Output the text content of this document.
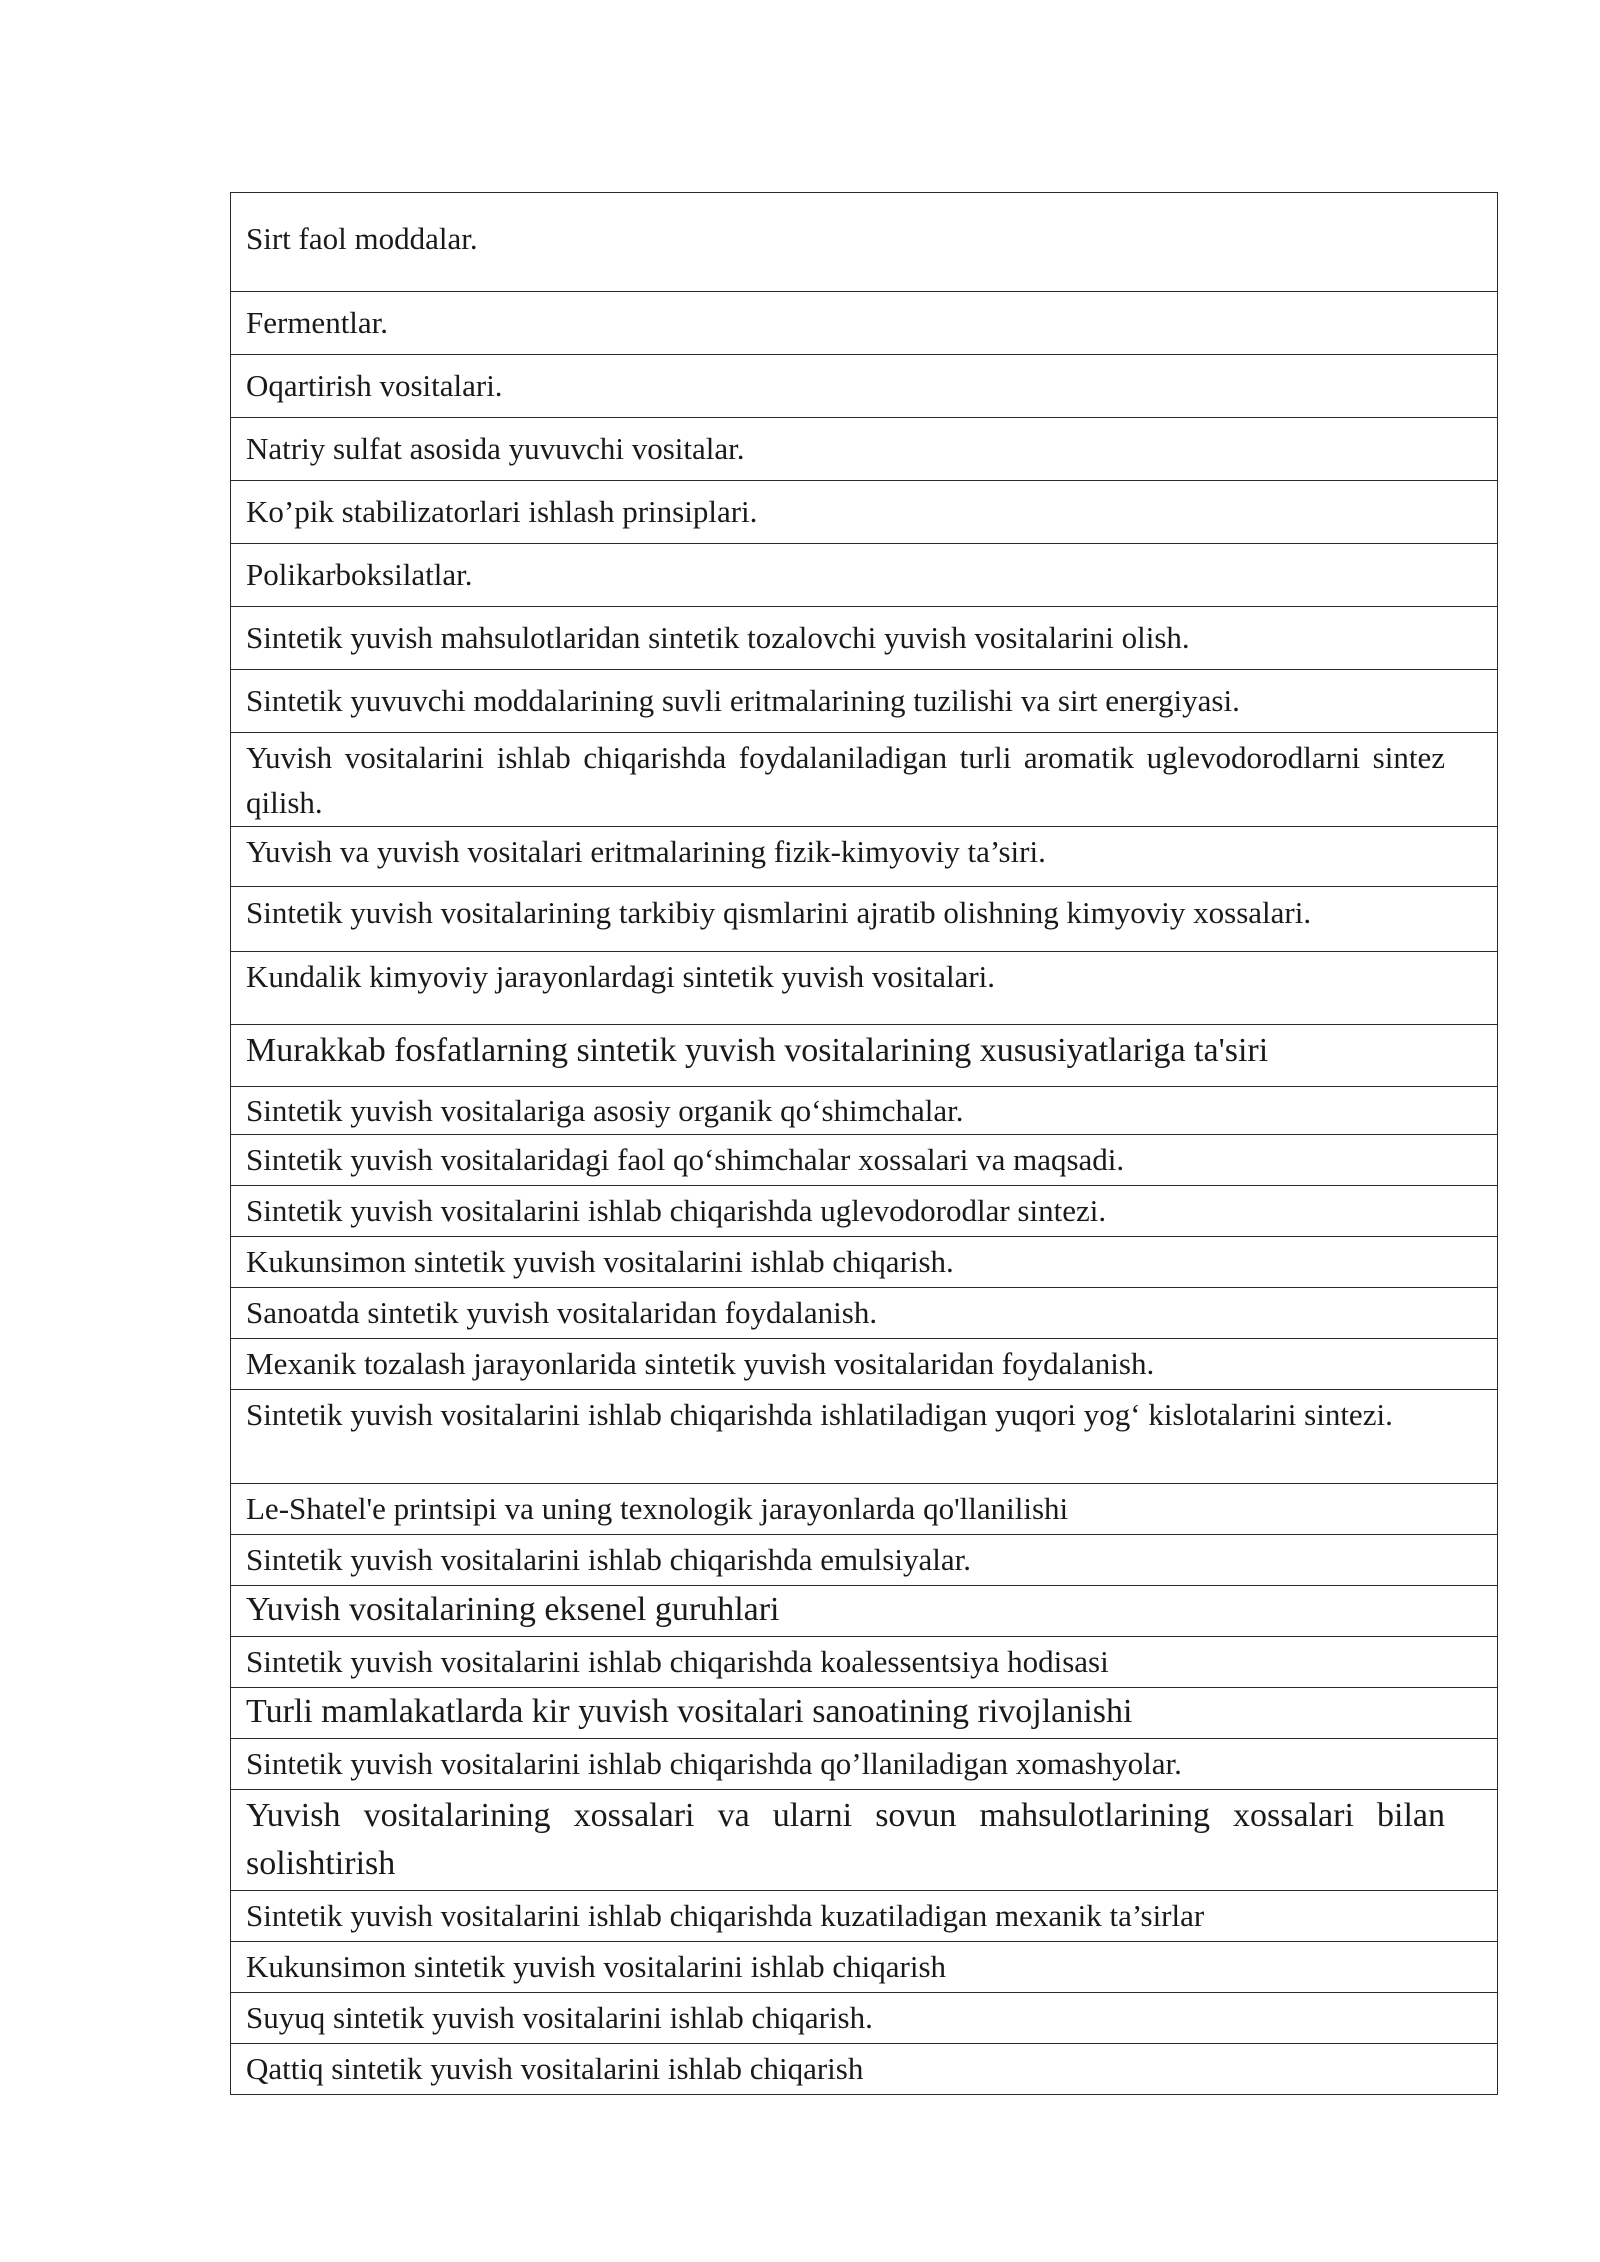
Sirt faol moddalar.

Fermentlar.

Oqartirish vositalari.

Natriy sulfat asosida yuvuvchi vositalar.

Ko’pik stabilizatorlari ishlash prinsiplari.

Polikarboksilatlar.

Sintetik yuvish mahsulotlaridan sintetik tozalovchi yuvish vositalarini olish.

Sintetik yuvuvchi moddalarining suvli eritmalarining tuzilishi va sirt energiyasi.

Yuvish vositalarini ishlab chiqarishda foydalaniladigan turli aromatik uglevodorodlarni sintez qilish.

Yuvish va yuvish vositalari eritmalarining fizik-kimyoviy ta’siri.

Sintetik yuvish vositalarining tarkibiy qismlarini ajratib olishning kimyoviy xossalari.

Kundalik kimyoviy jarayonlardagi sintetik yuvish vositalari.

Murakkab fosfatlarning sintetik yuvish vositalarining xususiyatlariga ta'siri

Sintetik yuvish vositalariga asosiy organik qo‘shimchalar.

Sintetik yuvish vositalaridagi faol qo‘shimchalar xossalari va maqsadi.

Sintetik yuvish vositalarini ishlab chiqarishda uglevodorodlar sintezi.

Kukunsimon sintetik yuvish vositalarini ishlab chiqarish.

Sanoatda sintetik yuvish vositalaridan foydalanish.

Mexanik tozalash jarayonlarida sintetik yuvish vositalaridan foydalanish.

Sintetik yuvish vositalarini ishlab chiqarishda ishlatiladigan yuqori yog‘ kislotalarini sintezi.

Le-Shatel'e printsipi va uning texnologik jarayonlarda qo'llanilishi

Sintetik yuvish vositalarini ishlab chiqarishda emulsiyalar.

Yuvish vositalarining eksenel guruhlari

Sintetik yuvish vositalarini ishlab chiqarishda koalessentsiya hodisasi

Turli mamlakatlarda kir yuvish vositalari sanoatining rivojlanishi

Sintetik yuvish vositalarini ishlab chiqarishda qo’llaniladigan xomashyolar.

Yuvish vositalarining xossalari va ularni sovun mahsulotlarining xossalari bilan solishtirish

Sintetik yuvish vositalarini ishlab chiqarishda kuzatiladigan mexanik ta’sirlar

Kukunsimon sintetik yuvish vositalarini ishlab chiqarish

Suyuq sintetik yuvish vositalarini ishlab chiqarish.

Qattiq sintetik yuvish vositalarini ishlab chiqarish
